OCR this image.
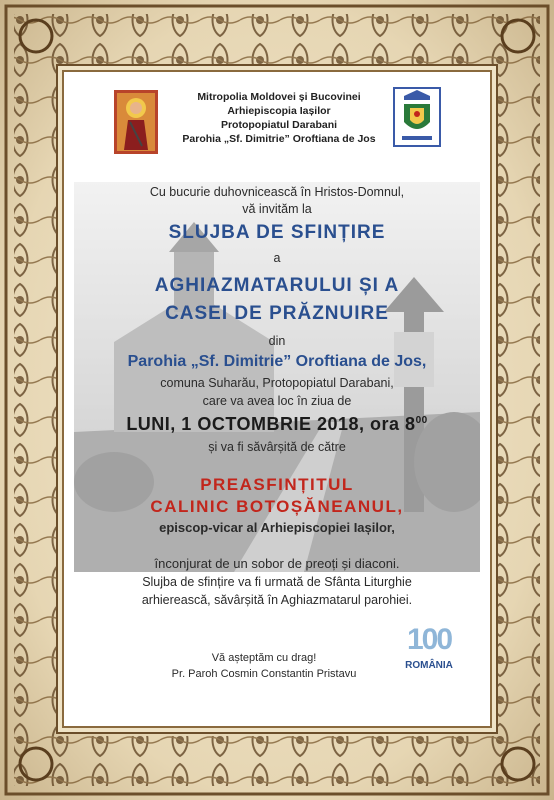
Mitropolia Moldovei și Bucovinei
Arhiepiscopia Iașilor
Protopopiatul Darabani
Parohia „Sf. Dimitrie” Oroftiana de Jos
Cu bucurie duhovnicească în Hristos-Domnul,
vă invităm la
SLUJBA DE SFINȚIRE
a
AGHIAZMATARULUI ȘI A
CASEI DE PRĂZNUIRE
din
Parohia „Sf. Dimitrie” Oroftiana de Jos,
comuna Suharău, Protopopiatul Darabani,
care va avea loc în ziua de
LUNI, 1 OCTOMBRIE 2018, ora $8^{00}$
și va fi săvârșită de către
PREASFINȚITUL
CALINIC BOTOȘĂNEANUL,
episcop-vicar al Arhiepiscopiei Iașilor,
înconjurat de un sobor de preoți și diaconi.
Slujba de sfințire va fi urmată de Sfânta Liturghie
arhierească, săvârșită în Aghiazmatarul parohiei.
Vă așteptăm cu drag!
Pr. Paroh Cosmin Constantin Pristavu
100
ROMÂNIA
